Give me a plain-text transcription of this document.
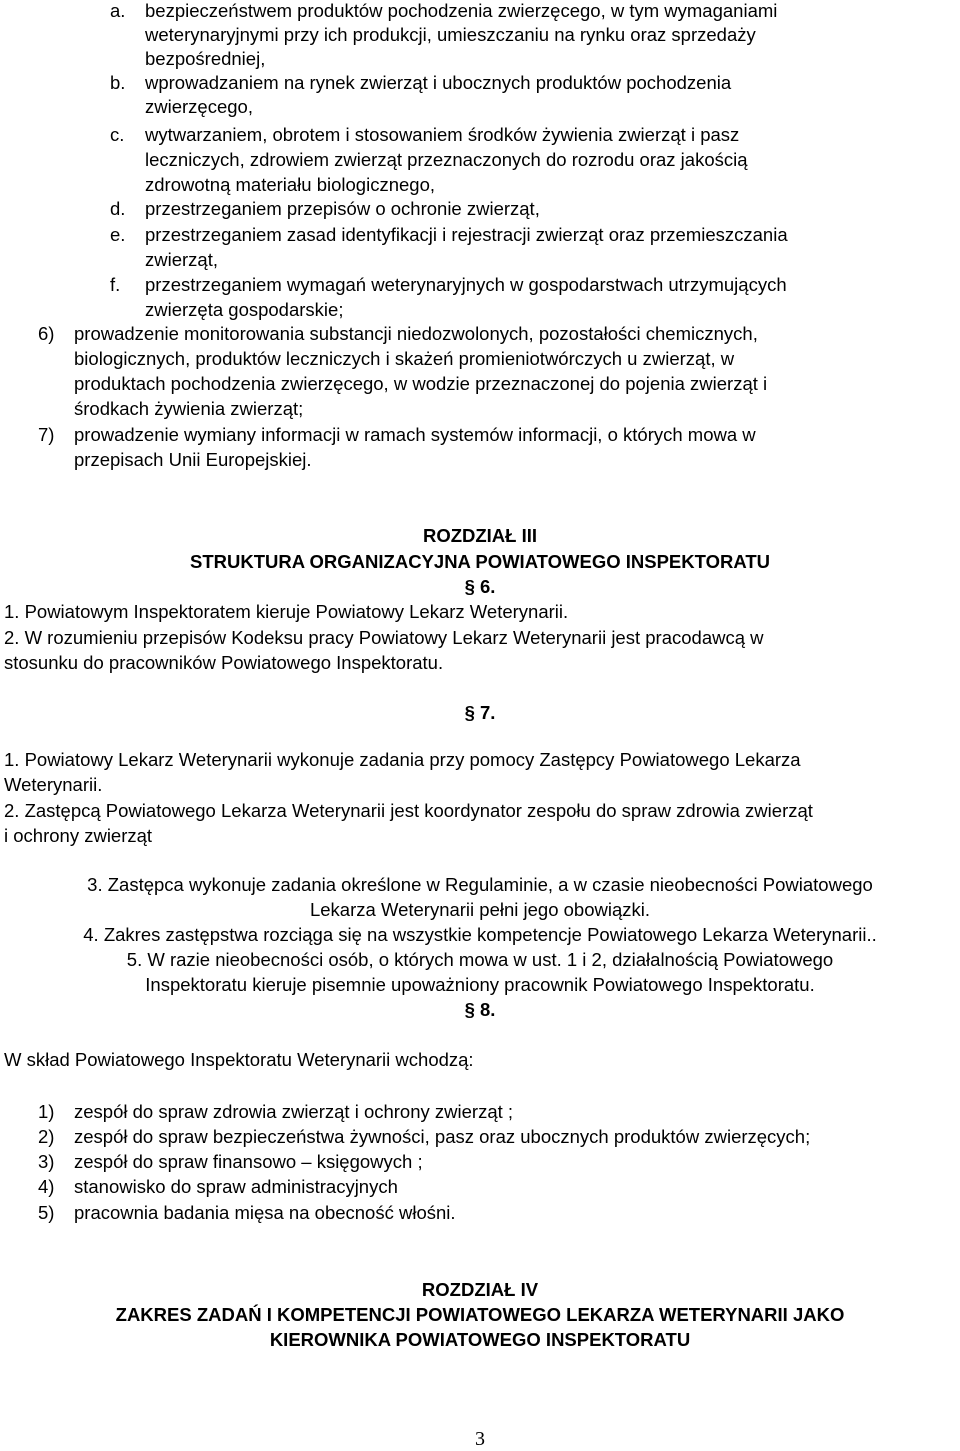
a. bezpieczeństwem produktów pochodzenia zwierzęcego, w tym wymaganiami
weterynaryjnymi przy ich produkcji, umieszczaniu na rynku oraz sprzedaży
bezpośredniej,
b. wprowadzaniem na rynek zwierząt i ubocznych produktów pochodzenia
zwierzęcego,
c. wytwarzaniem, obrotem i stosowaniem środków żywienia zwierząt i pasz
leczniczych, zdrowiem zwierząt przeznaczonych do rozrodu oraz jakością
zdrowotną materiału biologicznego,
d. przestrzeganiem przepisów o ochronie zwierząt,
e. przestrzeganiem zasad identyfikacji i rejestracji zwierząt oraz przemieszczania
zwierząt,
f. przestrzeganiem wymagań weterynaryjnych w gospodarstwach utrzymujących
zwierzęta gospodarskie;
6) prowadzenie monitorowania substancji niedozwolonych, pozostałości chemicznych,
biologicznych, produktów leczniczych i skażeń promieniotwórczych u zwierząt, w
produktach pochodzenia zwierzęcego, w wodzie przeznaczonej do pojenia zwierząt i
środkach żywienia zwierząt;
7) prowadzenie wymiany informacji w ramach systemów informacji, o których mowa w
przepisach Unii Europejskiej.
ROZDZIAŁ III
STRUKTURA ORGANIZACYJNA POWIATOWEGO INSPEKTORATU
§ 6.
1. Powiatowym Inspektoratem kieruje Powiatowy Lekarz Weterynarii.
2. W rozumieniu przepisów Kodeksu pracy Powiatowy Lekarz Weterynarii jest pracodawcą w
stosunku do pracowników Powiatowego Inspektoratu.
§ 7.
1. Powiatowy Lekarz Weterynarii wykonuje zadania przy pomocy Zastępcy Powiatowego Lekarza
Weterynarii.
2. Zastępcą Powiatowego Lekarza Weterynarii jest koordynator zespołu do spraw zdrowia zwierząt
i ochrony zwierząt
3. Zastępca wykonuje zadania określone w Regulaminie, a w czasie nieobecności Powiatowego
Lekarza Weterynarii pełni jego obowiązki.
4. Zakres zastępstwa rozciąga się na wszystkie kompetencje Powiatowego Lekarza Weterynarii..
5. W razie nieobecności osób, o których mowa w ust. 1 i 2, działalnością Powiatowego
Inspektoratu kieruje pisemnie upoważniony pracownik Powiatowego Inspektoratu.
§ 8.
W skład Powiatowego Inspektoratu Weterynarii wchodzą:
1) zespół do spraw zdrowia zwierząt i ochrony zwierząt ;
2) zespół do spraw bezpieczeństwa żywności, pasz oraz ubocznych produktów zwierzęcych;
3) zespół do spraw finansowo – księgowych ;
4) stanowisko do spraw administracyjnych
5) pracownia badania mięsa na obecność włośni.
ROZDZIAŁ IV
ZAKRES ZADAŃ I KOMPETENCJI POWIATOWEGO LEKARZA WETERYNARII JAKO
KIEROWNIKA POWIATOWEGO INSPEKTORATU
3
